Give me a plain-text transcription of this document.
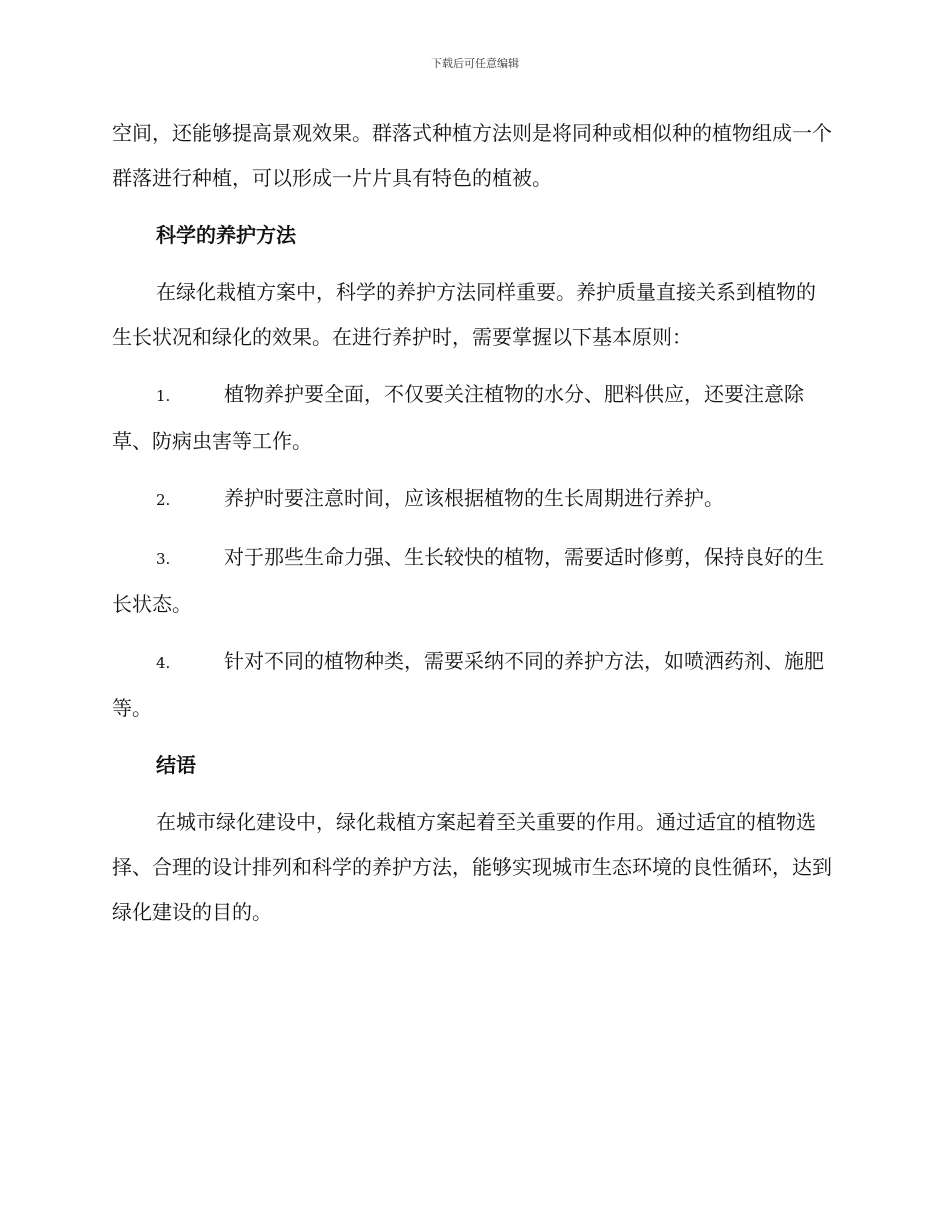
下载后可任意编辑

空间，还能够提高景观效果。群落式种植方法则是将同种或相似种的植物组成一个群落进行种植，可以形成一片片具有特色的植被。

科学的养护方法

在绿化栽植方案中，科学的养护方法同样重要。养护质量直接关系到植物的生长状况和绿化的效果。在进行养护时，需要掌握以下基本原则：

1.	植物养护要全面，不仅要关注植物的水分、肥料供应，还要注意除草、防病虫害等工作。
2.	养护时要注意时间，应该根据植物的生长周期进行养护。
3.	对于那些生命力强、生长较快的植物，需要适时修剪，保持良好的生长状态。
4.	针对不同的植物种类，需要采纳不同的养护方法，如喷洒药剂、施肥等。
结语

在城市绿化建设中，绿化栽植方案起着至关重要的作用。通过适宜的植物选择、合理的设计排列和科学的养护方法，能够实现城市生态环境的良性循环，达到绿化建设的目的。
